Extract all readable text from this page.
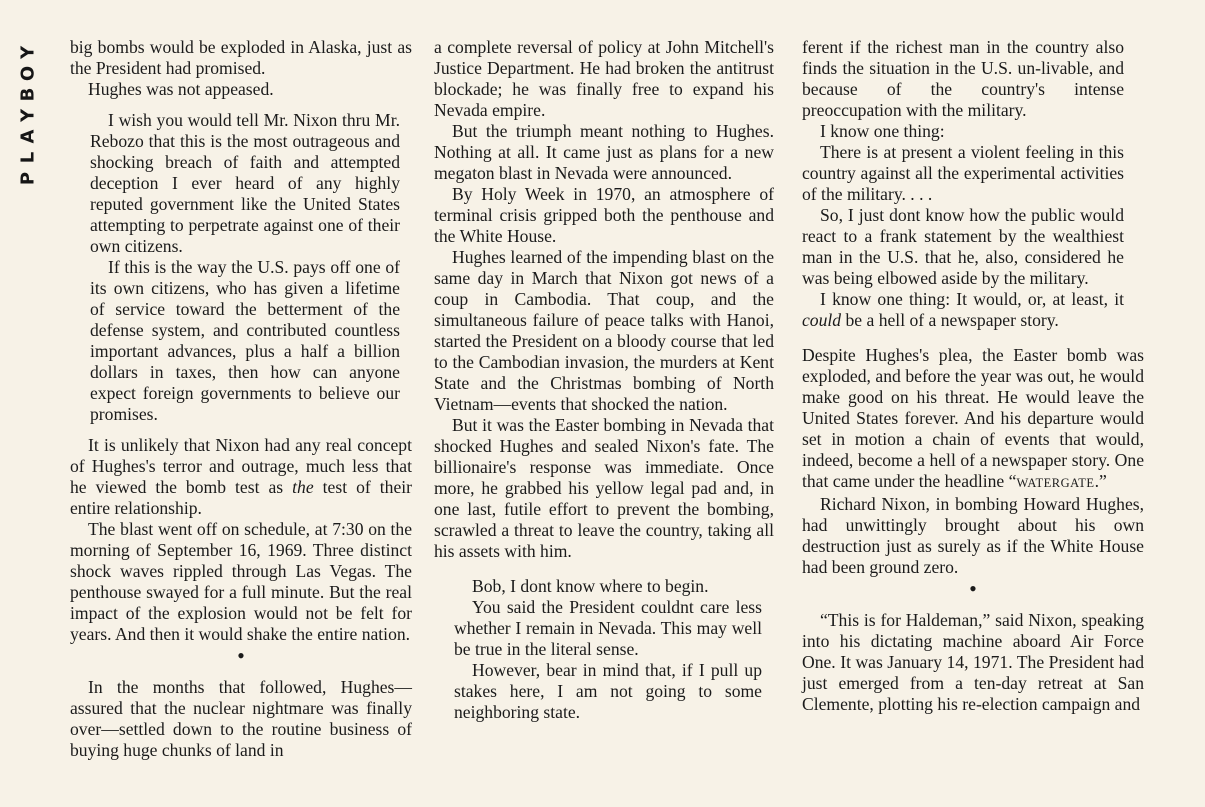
Y
O
B
Y
A
L
P

big bombs would be exploded in Alaska, just as the President had promised.

Hughes was not appeased.

I wish you would tell Mr. Nixon thru Mr. Rebozo that this is the most outrageous and shocking breach of faith and attempted deception I ever heard of any highly reputed government like the United States attempting to perpetrate against one of their own citizens.

If this is the way the U.S. pays off one of its own citizens, who has given a lifetime of service toward the betterment of the defense system, and contributed countless important advances, plus a half a billion dollars in taxes, then how can anyone expect foreign governments to believe our promises.

It is unlikely that Nixon had any real concept of Hughes's terror and outrage, much less that he viewed the bomb test as the test of their entire relationship.

The blast went off on schedule, at 7:30 on the morning of September 16, 1969. Three distinct shock waves rippled through Las Vegas. The penthouse swayed for a full minute. But the real impact of the explosion would not be felt for years. And then it would shake the entire nation.

•

In the months that followed, Hughes—assured that the nuclear nightmare was finally over—settled down to the routine business of buying huge chunks of land in

a complete reversal of policy at John Mitchell's Justice Department. He had broken the antitrust blockade; he was finally free to expand his Nevada empire.

But the triumph meant nothing to Hughes. Nothing at all. It came just as plans for a new megaton blast in Nevada were announced.

By Holy Week in 1970, an atmosphere of terminal crisis gripped both the penthouse and the White House.

Hughes learned of the impending blast on the same day in March that Nixon got news of a coup in Cambodia. That coup, and the simultaneous failure of peace talks with Hanoi, started the President on a bloody course that led to the Cambodian invasion, the murders at Kent State and the Christmas bombing of North Vietnam—events that shocked the nation.

But it was the Easter bombing in Nevada that shocked Hughes and sealed Nixon's fate. The billionaire's response was immediate. Once more, he grabbed his yellow legal pad and, in one last, futile effort to prevent the bombing, scrawled a threat to leave the country, taking all his assets with him.

Bob, I dont know where to begin.

You said the President couldnt care less whether I remain in Nevada. This may well be true in the literal sense.

However, bear in mind that, if I pull up stakes here, I am not going to some neighboring state.

ferent if the richest man in the country also finds the situation in the U.S. un-livable, and because of the country's intense preoccupation with the military.

I know one thing:

There is at present a violent feeling in this country against all the experimental activities of the military. . . .

So, I just dont know how the public would react to a frank statement by the wealthiest man in the U.S. that he, also, considered he was being elbowed aside by the military.

I know one thing: It would, or, at least, it could be a hell of a newspaper story.

Despite Hughes's plea, the Easter bomb was exploded, and before the year was out, he would make good on his threat. He would leave the United States forever. And his departure would set in motion a chain of events that would, indeed, become a hell of a newspaper story. One that came under the headline “WATERGATE.”

Richard Nixon, in bombing Howard Hughes, had unwittingly brought about his own destruction just as surely as if the White House had been ground zero.

•

“This is for Haldeman,” said Nixon, speaking into his dictating machine aboard Air Force One. It was January 14, 1971. The President had just emerged from a ten-day retreat at San Clemente, plotting his re-election campaign and
